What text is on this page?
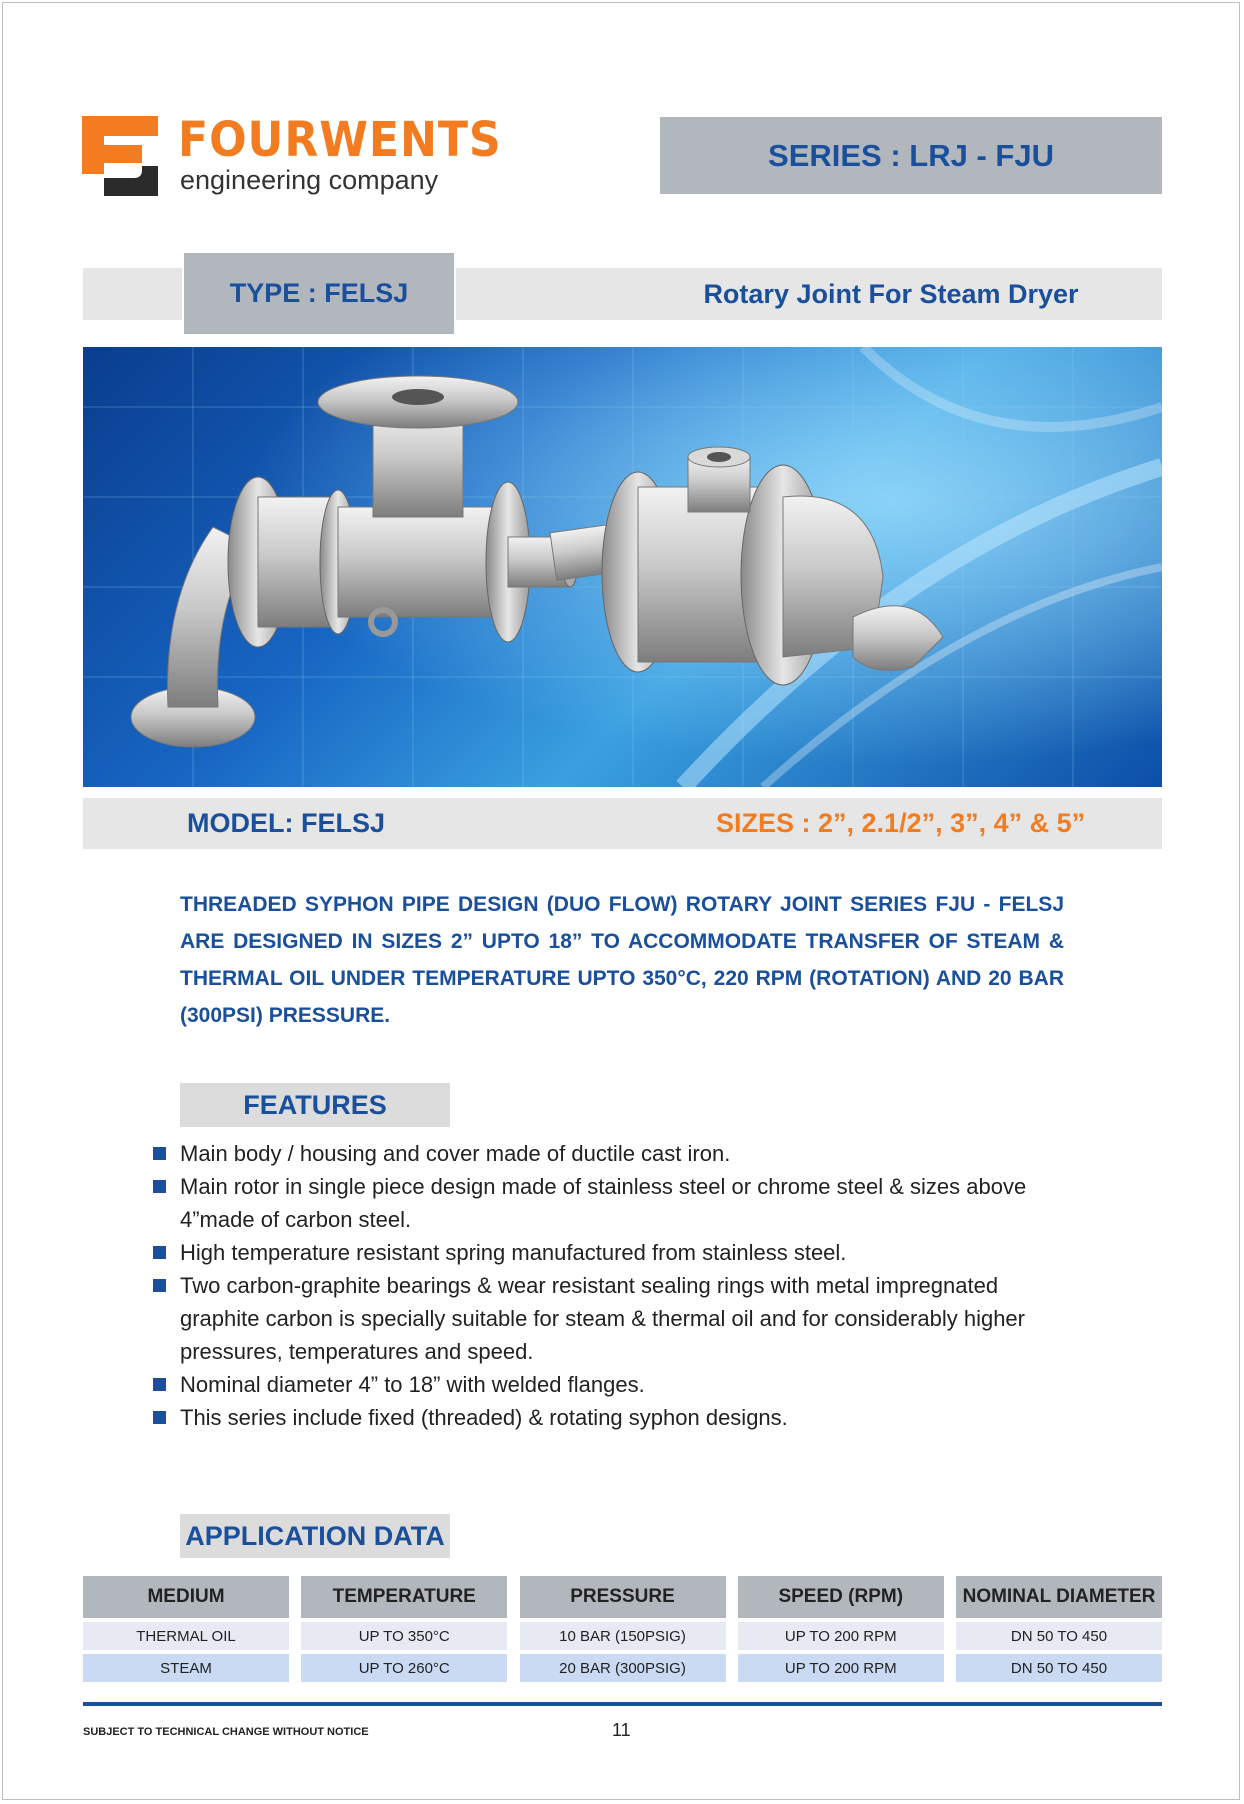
FOURWENTS
engineering company
SERIES : LRJ - FJU
TYPE : FELSJ	Rotary Joint For Steam Dryer
MODEL: FELSJ	SIZES : 2”, 2.1/2”, 3”, 4” & 5”
THREADED SYPHON PIPE DESIGN (DUO FLOW) ROTARY JOINT SERIES FJU - FELSJ ARE DESIGNED IN SIZES 2” UPTO 18” TO ACCOMMODATE TRANSFER OF STEAM & THERMAL OIL UNDER TEMPERATURE UPTO 350°C, 220 RPM (ROTATION) AND 20 BAR (300PSI) PRESSURE.
FEATURES
Main body / housing and cover made of ductile cast iron.
Main rotor in single piece design made of stainless steel or chrome steel & sizes above 4”made of carbon steel.
High temperature resistant spring manufactured from stainless steel.
Two carbon-graphite bearings & wear resistant sealing rings with metal impregnated graphite carbon is specially suitable for steam & thermal oil and for considerably higher pressures, temperatures and speed.
Nominal diameter 4” to 18” with welded flanges.
This series include fixed (threaded) & rotating syphon designs.
APPLICATION DATA
MEDIUM	TEMPERATURE	PRESSURE	SPEED (RPM)	NOMINAL DIAMETER
THERMAL OIL	UP TO 350°C	10 BAR (150PSIG)	UP TO 200 RPM	DN 50 TO 450
STEAM	UP TO 260°C	20 BAR (300PSIG)	UP TO 200 RPM	DN 50 TO 450
SUBJECT TO TECHNICAL CHANGE WITHOUT NOTICE	11
